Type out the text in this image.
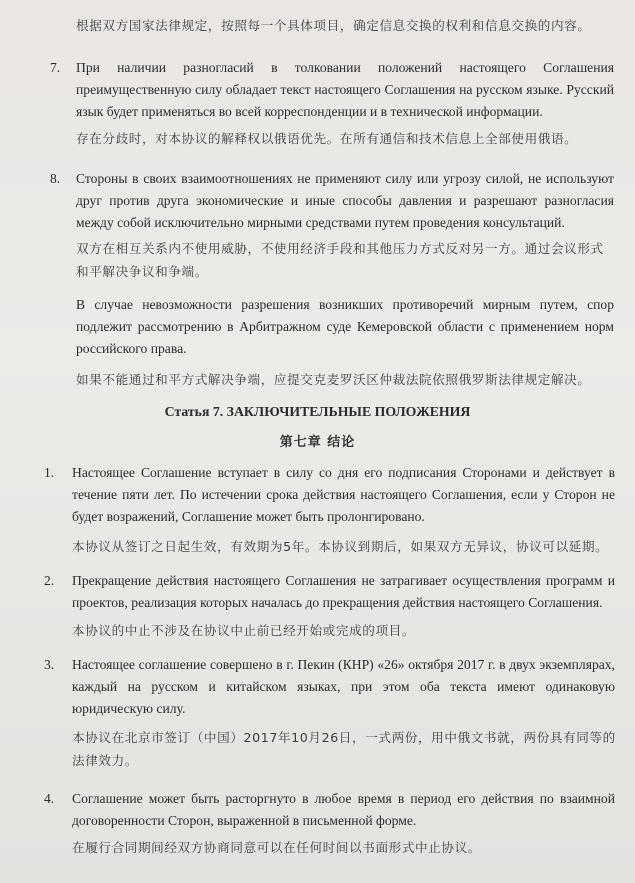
根据双方国家法律规定，按照每一个具体项目，确定信息交换的权利和信息交换的内容。

7. При наличии разногласий в толковании положений настоящего Соглашения преимущественную силу обладает текст настоящего Соглашения на русском языке. Русский язык будет применяться во всей корреспонденции и в технической информации.

存在分歧时，对本协议的解释权以俄语优先。在所有通信和技术信息上全部使用俄语。

8. Стороны в своих взаимоотношениях не применяют силу или угрозу силой, не используют друг против друга экономические и иные способы давления и разрешают разногласия между собой исключительно мирными средствами путем проведения консультаций.

双方在相互关系内不使用威胁，不使用经济手段和其他压力方式反对另一方。通过会议形式和平解决争议和争端。

В случае невозможности разрешения возникших противоречий мирным путем, спор подлежит рассмотрению в Арбитражном суде Кемеровской области с применением норм российского права.

如果不能通过和平方式解决争端，应提交克麦罗沃区仲裁法院依照俄罗斯法律规定解决。

Статья 7. ЗАКЛЮЧИТЕЛЬНЫЕ ПОЛОЖЕНИЯ
第七章 结论
1. Настоящее Соглашение вступает в силу со дня его подписания Сторонами и действует в течение пяти лет. По истечении срока действия настоящего Соглашения, если у Сторон не будет возражений, Соглашение может быть пролонгировано.

本协议从签订之日起生效，有效期为5年。本协议到期后，如果双方无异议，协议可以延期。

2. Прекращение действия настоящего Соглашения не затрагивает осуществления программ и проектов, реализация которых началась до прекращения действия настоящего Соглашения.

本协议的中止不涉及在协议中止前已经开始或完成的项目。

3. Настоящее соглашение совершено в г. Пекин (КНР) «26» октября 2017 г. в двух экземплярах, каждый на русском и китайском языках, при этом оба текста имеют одинаковую юридическую силу.

本协议在北京市签订（中国）2017年10月26日，一式两份，用中俄文书就，两份具有同等的法律效力。

4. Соглашение может быть расторгнуто в любое время в период его действия по взаимной договоренности Сторон, выраженной в письменной форме.

在履行合同期间经双方协商同意可以在任何时间以书面形式中止协议。
